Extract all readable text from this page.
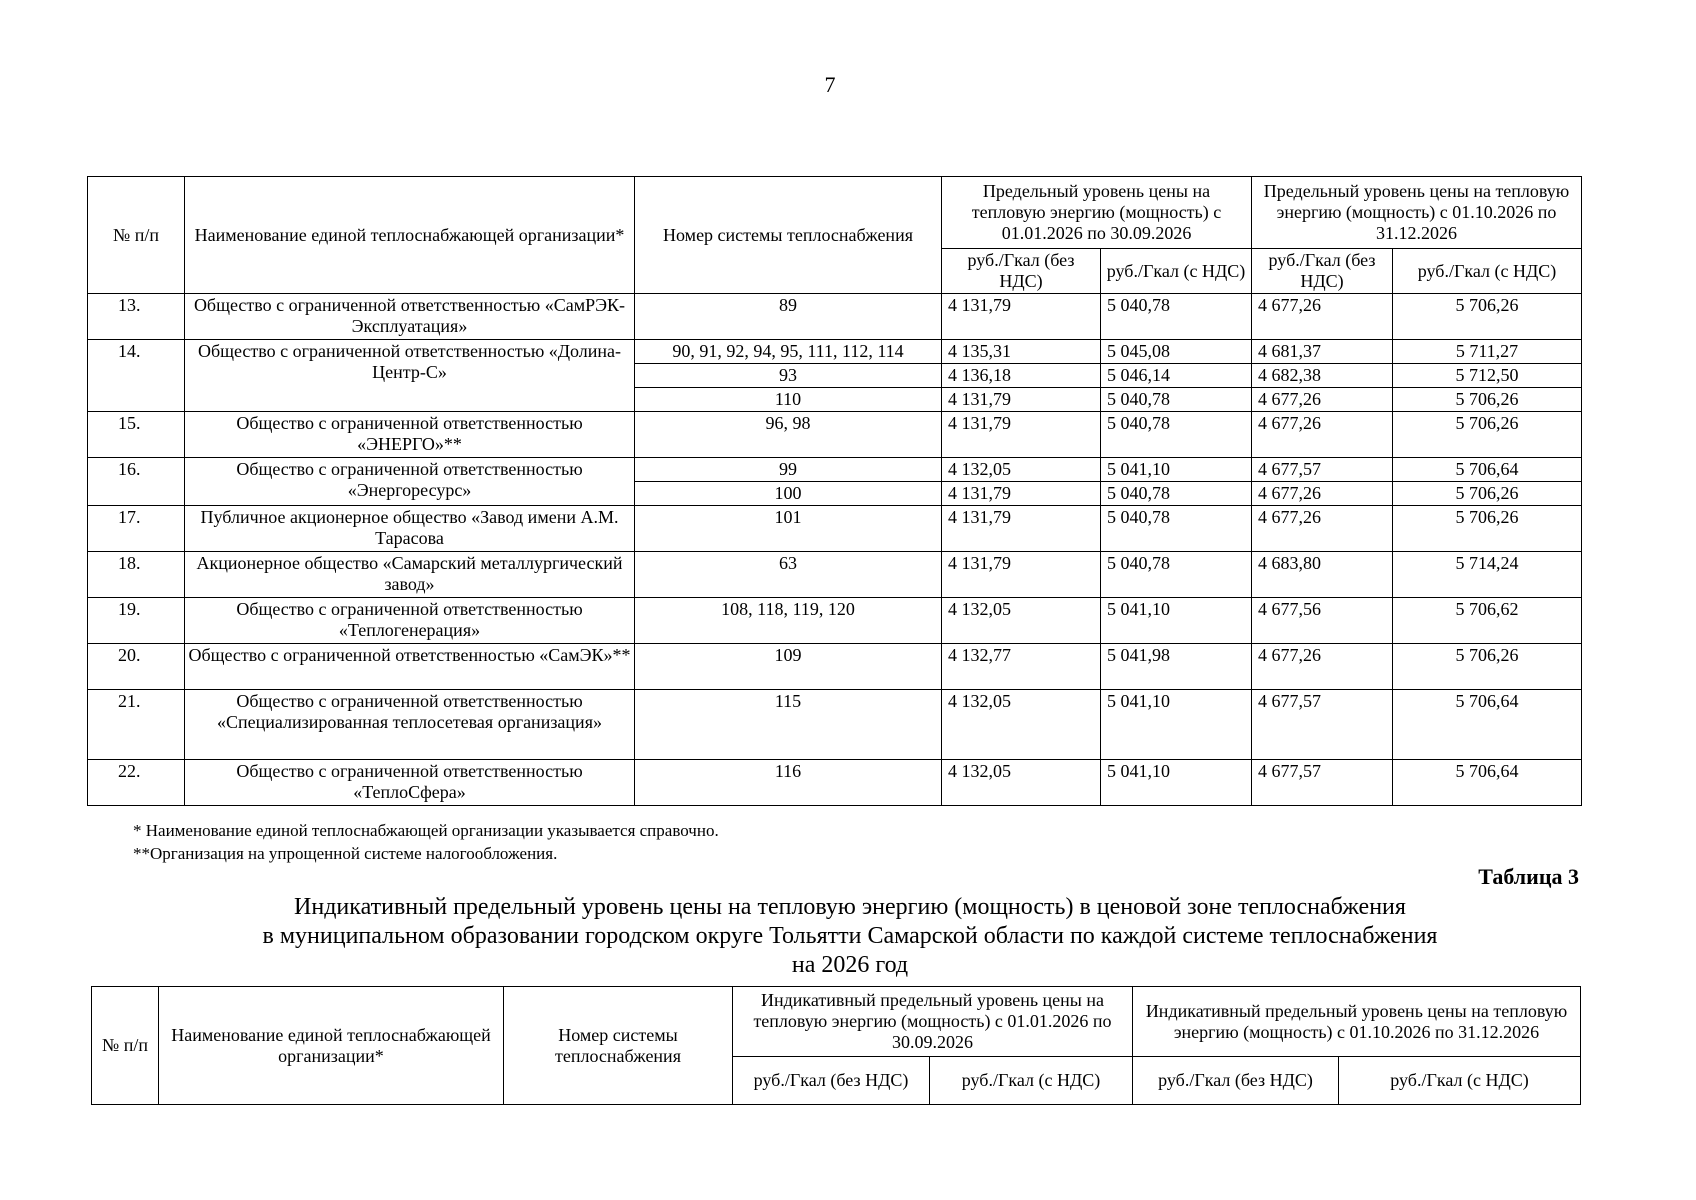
7
№ п/п	Наименование единой теплоснабжающей организации*	Номер системы теплоснабжения	Предельный уровень цены на тепловую энергию (мощность) с 01.01.2026 по 30.09.2026		Предельный уровень цены на тепловую энергию (мощность) с 01.10.2026 по 31.12.2026	
			руб./Гкал (без НДС)	руб./Гкал (с НДС)	руб./Гкал (без НДС)	руб./Гкал (с НДС)
13.	Общество с ограниченной ответственностью «СамРЭК-Эксплуатация»	89	4 131,79	5 040,78	4 677,26	5 706,26
14.	Общество с ограниченной ответственностью «Долина-Центр-С»	90, 91, 92, 94, 95, 111, 112, 114	4 135,31	5 045,08	4 681,37	5 711,27
		93	4 136,18	5 046,14	4 682,38	5 712,50
		110	4 131,79	5 040,78	4 677,26	5 706,26
15.	Общество с ограниченной ответственностью «ЭНЕРГО»**	96, 98	4 131,79	5 040,78	4 677,26	5 706,26
16.	Общество с ограниченной ответственностью «Энергоресурс»	99	4 132,05	5 041,10	4 677,57	5 706,64
		100	4 131,79	5 040,78	4 677,26	5 706,26
17.	Публичное акционерное общество «Завод имени А.М. Тарасова	101	4 131,79	5 040,78	4 677,26	5 706,26
18.	Акционерное общество «Самарский металлургический завод»	63	4 131,79	5 040,78	4 683,80	5 714,24
19.	Общество с ограниченной ответственностью «Теплогенерация»	108, 118, 119, 120	4 132,05	5 041,10	4 677,56	5 706,62
20.	Общество с ограниченной ответственностью «СамЭК»**	109	4 132,77	5 041,98	4 677,26	5 706,26
21.	Общество с ограниченной ответственностью «Специализированная теплосетевая организация»	115	4 132,05	5 041,10	4 677,57	5 706,64
22.	Общество с ограниченной ответственностью «ТеплоСфера»	116	4 132,05	5 041,10	4 677,57	5 706,64
* Наименование единой теплоснабжающей организации указывается справочно.
**Организация на упрощенной системе налогообложения.
Таблица 3
Индикативный предельный уровень цены на тепловую энергию (мощность) в ценовой зоне теплоснабжения
в муниципальном образовании городском округе Тольятти Самарской области по каждой системе теплоснабжения
на 2026 год
№ п/п	Наименование единой теплоснабжающей организации*	Номер системы теплоснабжения	Индикативный предельный уровень цены на тепловую энергию (мощность) с 01.01.2026 по 30.09.2026		Индикативный предельный уровень цены на тепловую энергию (мощность) с 01.10.2026 по 31.12.2026	
			руб./Гкал (без НДС)	руб./Гкал (с НДС)	руб./Гкал (без НДС)	руб./Гкал (с НДС)
